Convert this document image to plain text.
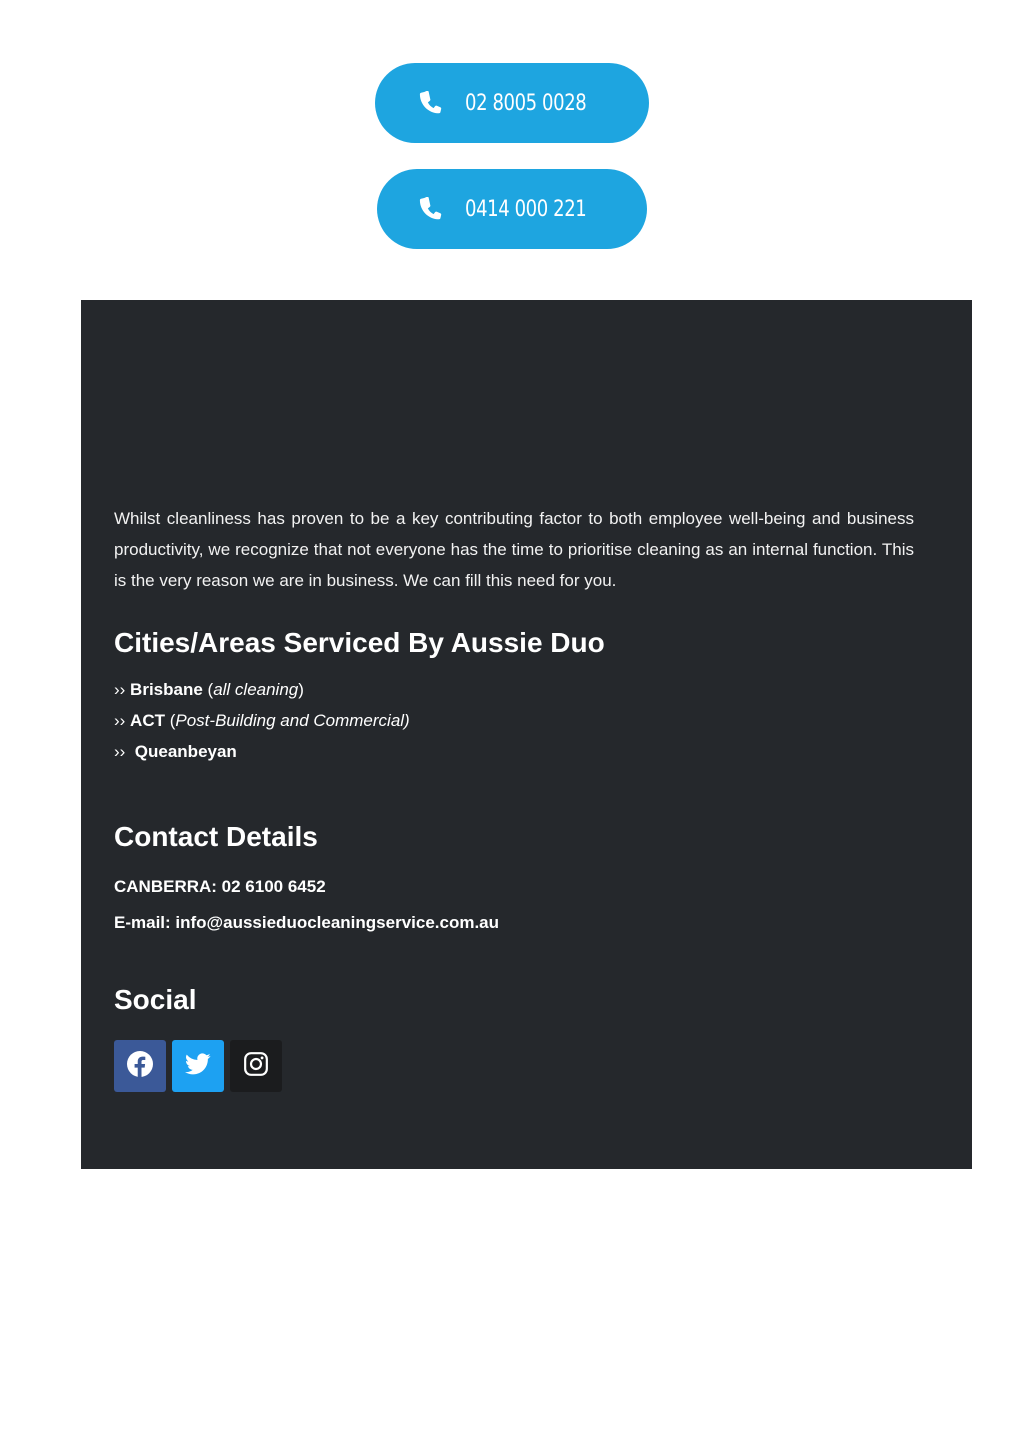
02 8005 0028
0414 000 221

Whilst cleanliness has proven to be a key contributing factor to both employee well-being and business productivity, we recognize that not everyone has the time to prioritise cleaning as an internal function. This is the very reason we are in business. We can fill this need for you.

Cities/Areas Serviced By Aussie Duo
›› Brisbane (all cleaning)
›› ACT (Post-Building and Commercial)
››  Queanbeyan
Contact Details

CANBERRA: 02 6100 6452

E-mail: info@aussieduocleaningservice.com.au

Social
